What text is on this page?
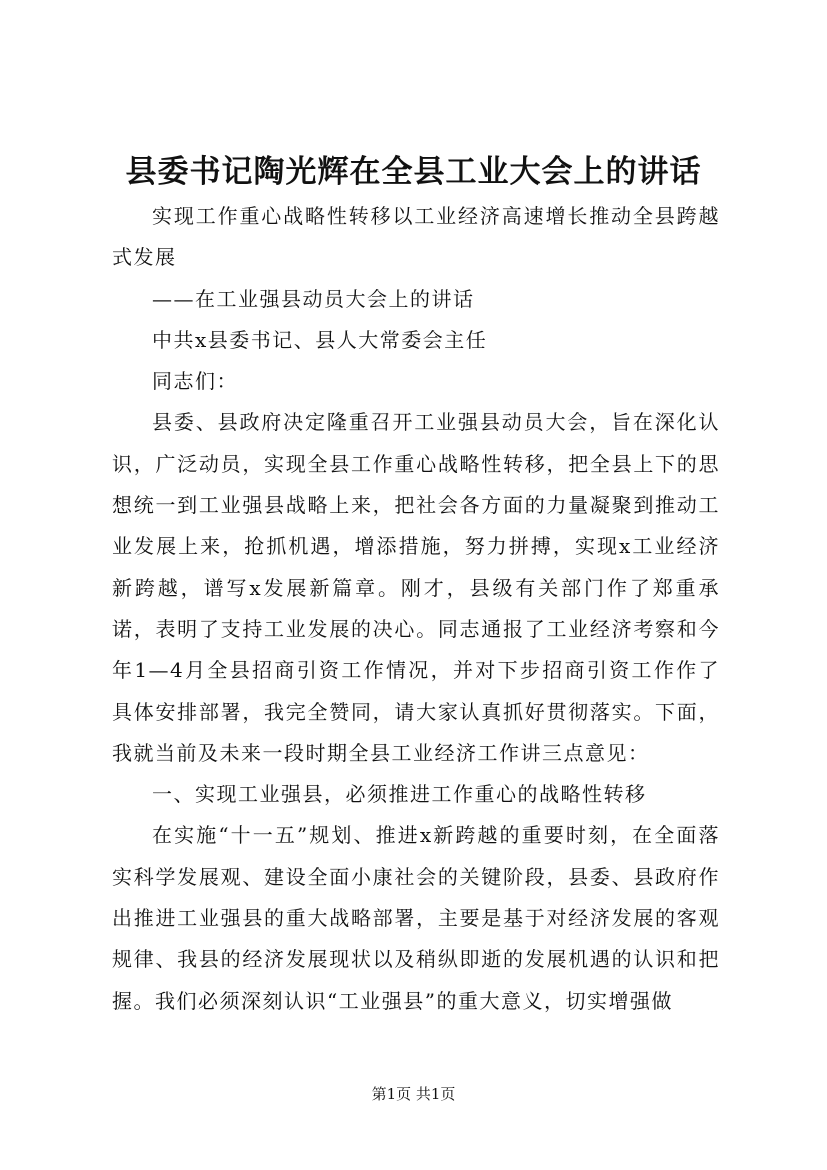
县委书记陶光辉在全县工业大会上的讲话

实现工作重心战略性转移以工业经济高速增长推动全县跨越式发展

——在工业强县动员大会上的讲话

中共x县委书记、县人大常委会主任

同志们：

县委、县政府决定隆重召开工业强县动员大会，旨在深化认识，广泛动员，实现全县工作重心战略性转移，把全县上下的思想统一到工业强县战略上来，把社会各方面的力量凝聚到推动工业发展上来，抢抓机遇，增添措施，努力拼搏，实现x工业经济新跨越，谱写x发展新篇章。刚才，县级有关部门作了郑重承诺，表明了支持工业发展的决心。同志通报了工业经济考察和今年1—4月全县招商引资工作情况，并对下步招商引资工作作了具体安排部署，我完全赞同，请大家认真抓好贯彻落实。下面，我就当前及未来一段时期全县工业经济工作讲三点意见：

一、实现工业强县，必须推进工作重心的战略性转移

在实施“十一五”规划、推进x新跨越的重要时刻，在全面落实科学发展观、建设全面小康社会的关键阶段，县委、县政府作出推进工业强县的重大战略部署，主要是基于对经济发展的客观规律、我县的经济发展现状以及稍纵即逝的发展机遇的认识和把握。我们必须深刻认识“工业强县”的重大意义，切实增强做

第1页 共1页
